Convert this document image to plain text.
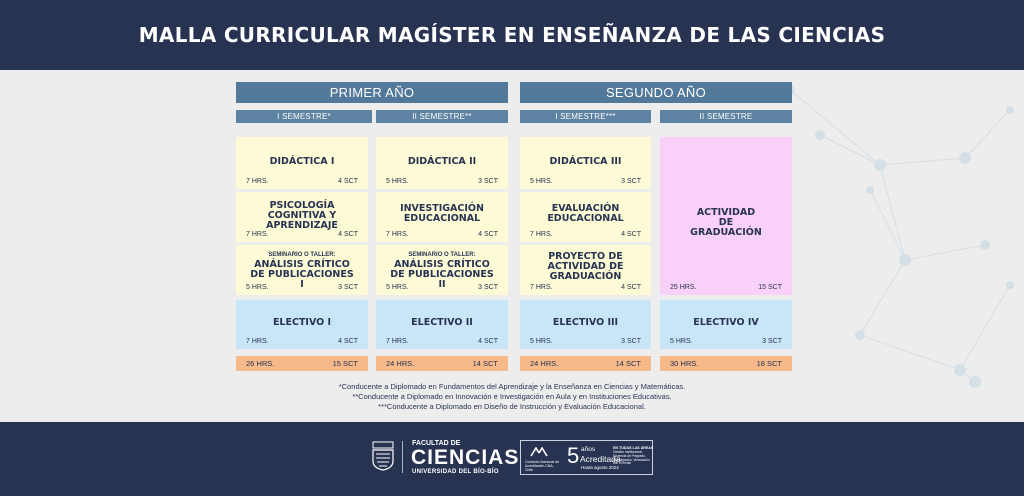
MALLA CURRICULAR MAGÍSTER EN ENSEÑANZA DE LAS CIENCIAS
PRIMER AÑO	SEGUNDO AÑO
I SEMESTRE*	II SEMESTRE**	I SEMESTRE***	II SEMESTRE
DIDÁCTICA I
7 HRS.	4 SCT
DIDÁCTICA II
5 HRS.	3 SCT
DIDÁCTICA III
5 HRS.	3 SCT
ACTIVIDAD DE GRADUACIÓN
25 HRS.	15 SCT
PSICOLOGÍA COGNITIVA Y APRENDIZAJE
7 HRS.	4 SCT
INVESTIGACIÓN EDUCACIONAL
7 HRS.	4 SCT
EVALUACIÓN EDUCACIONAL
7 HRS.	4 SCT
SEMINARIO O TALLER:
ANÁLISIS CRÍTICO DE PUBLICACIONES I
5 HRS.	3 SCT
SEMINARIO O TALLER:
ANÁLISIS CRÍTICO DE PUBLICACIONES II
5 HRS.	3 SCT
PROYECTO DE ACTIVIDAD DE GRADUACIÓN
7 HRS.	4 SCT
ELECTIVO I
7 HRS.	4 SCT
ELECTIVO II
7 HRS.	4 SCT
ELECTIVO III
5 HRS.	3 SCT
ELECTIVO IV
5 HRS.	3 SCT
26 HRS.	15 SCT	24 HRS.	14 SCT	24 HRS.	14 SCT	30 HRS.	18 SCT
*Conducente a Diplomado en Fundamentos del Aprendizaje y la Enseñanza en Ciencias y Matemáticas.
**Conducente a Diplomado en Innovación e Investigación en Aula y en Instituciones Educativas.
***Conducente a Diplomado en Diseño de Instrucción y Evaluación Educacional.
FACULTAD DE
CIENCIAS
UNIVERSIDAD DEL BÍO-BÍO
Comisión Nacional de Acreditación CNA-Chile
5 años
Acreditada
Hasta agosto 2024
EN TODAS LAS ÁREAS
Gestión Institucional, Docencia de Pregrado, Investigación, Vinculación con el medio
